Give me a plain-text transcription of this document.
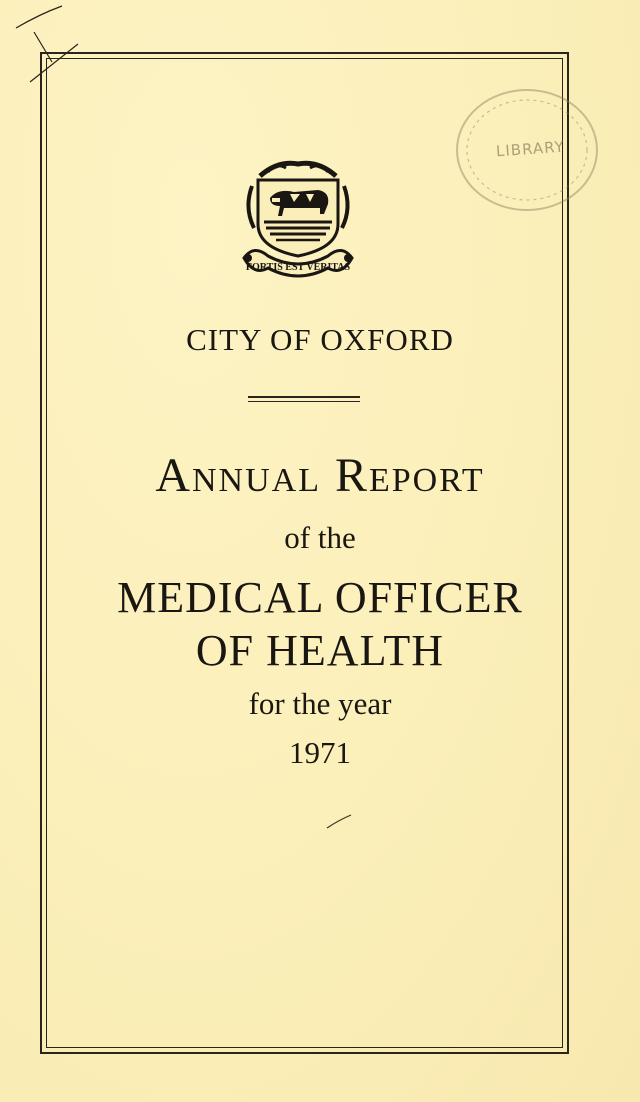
LIBRARY
FORTIS EST VERITAS
CITY OF OXFORD
Annual Report
of the
MEDICAL OFFICER
OF HEALTH
for the year
1971
